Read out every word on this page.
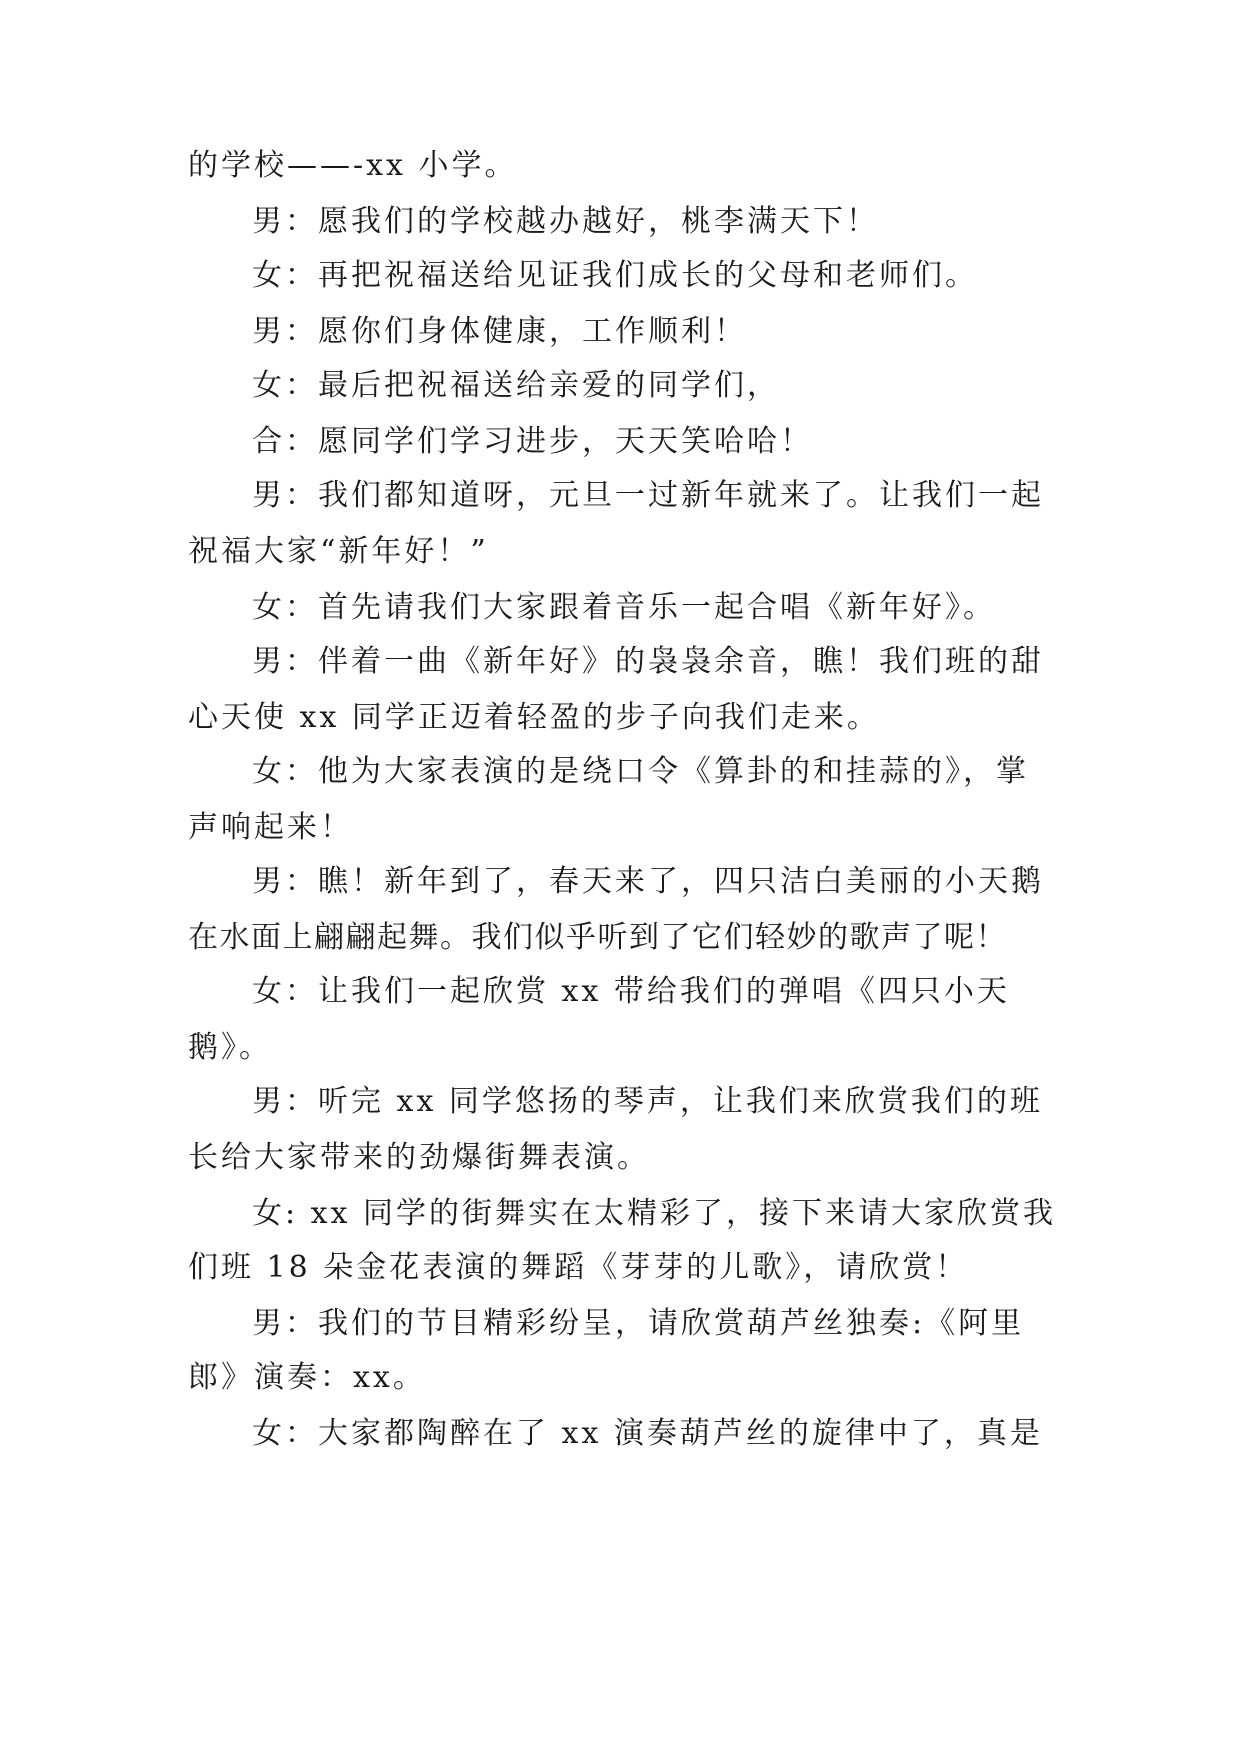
的学校——-xx 小学。
男：愿我们的学校越办越好，桃李满天下！
女：再把祝福送给见证我们成长的父母和老师们。
男：愿你们身体健康，工作顺利！
女：最后把祝福送给亲爱的同学们，
合：愿同学们学习进步，天天笑哈哈！
男：我们都知道呀，元旦一过新年就来了。让我们一起
祝福大家“新年好！”
女：首先请我们大家跟着音乐一起合唱《新年好》。
男：伴着一曲《新年好》的袅袅余音，瞧！我们班的甜
心天使 xx 同学正迈着轻盈的步子向我们走来。
女：他为大家表演的是绕口令《算卦的和挂蒜的》，掌
声响起来！
男：瞧！新年到了，春天来了，四只洁白美丽的小天鹅
在水面上翩翩起舞。我们似乎听到了它们轻妙的歌声了呢！
女：让我们一起欣赏 xx 带给我们的弹唱《四只小天
鹅》。
男：听完 xx 同学悠扬的琴声，让我们来欣赏我们的班
长给大家带来的劲爆街舞表演。
女: xx 同学的街舞实在太精彩了，接下来请大家欣赏我
们班 18 朵金花表演的舞蹈《芽芽的儿歌》，请欣赏！
男：我们的节目精彩纷呈，请欣赏葫芦丝独奏:《阿里
郎》演奏：xx。
女：大家都陶醉在了 xx 演奏葫芦丝的旋律中了，真是
